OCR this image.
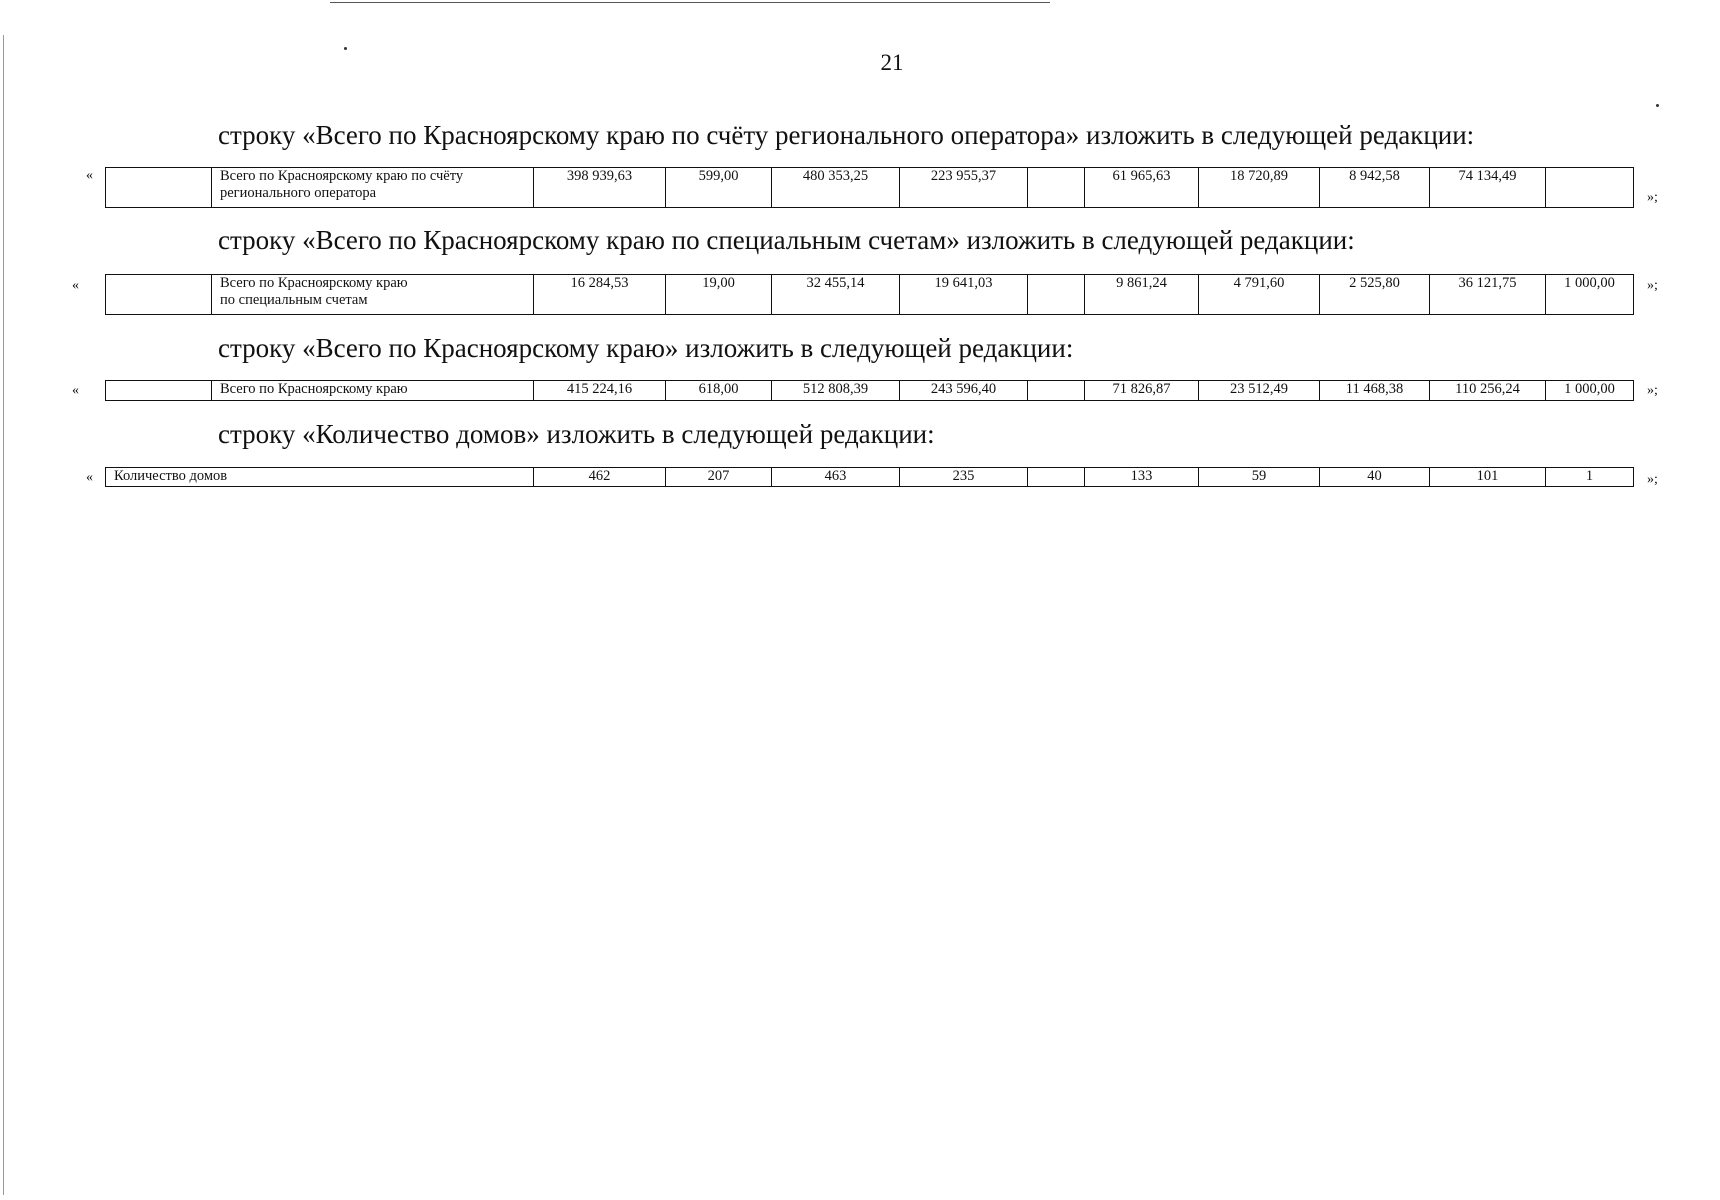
21
строку «Всего по Красноярскому краю по счёту регионального оператора» изложить в следующей редакции:
«
		Всего по Красноярскому краю по счёту
регионального оператора	398 939,63	599,00	480 353,25	223 955,37		61 965,63	18 720,89	8 942,58	74 134,49	
»;
строку «Всего по Красноярскому краю по специальным счетам» изложить в следующей редакции:
«
		Всего по Красноярскому краю
по специальным счетам	16 284,53	19,00	32 455,14	19 641,03		9 861,24	4 791,60	2 525,80	36 121,75	1 000,00 »;
строку «Всего по Красноярскому краю» изложить в следующей редакции:
«
		Всего по Красноярскому краю	415 224,16	618,00	512 808,39	243 596,40		71 826,87	23 512,49	11 468,38	110 256,24	1 000,00 »;
строку «Количество домов» изложить в следующей редакции:
« Количество домов	462	207	463	235		133	59	40	101	1	»;
